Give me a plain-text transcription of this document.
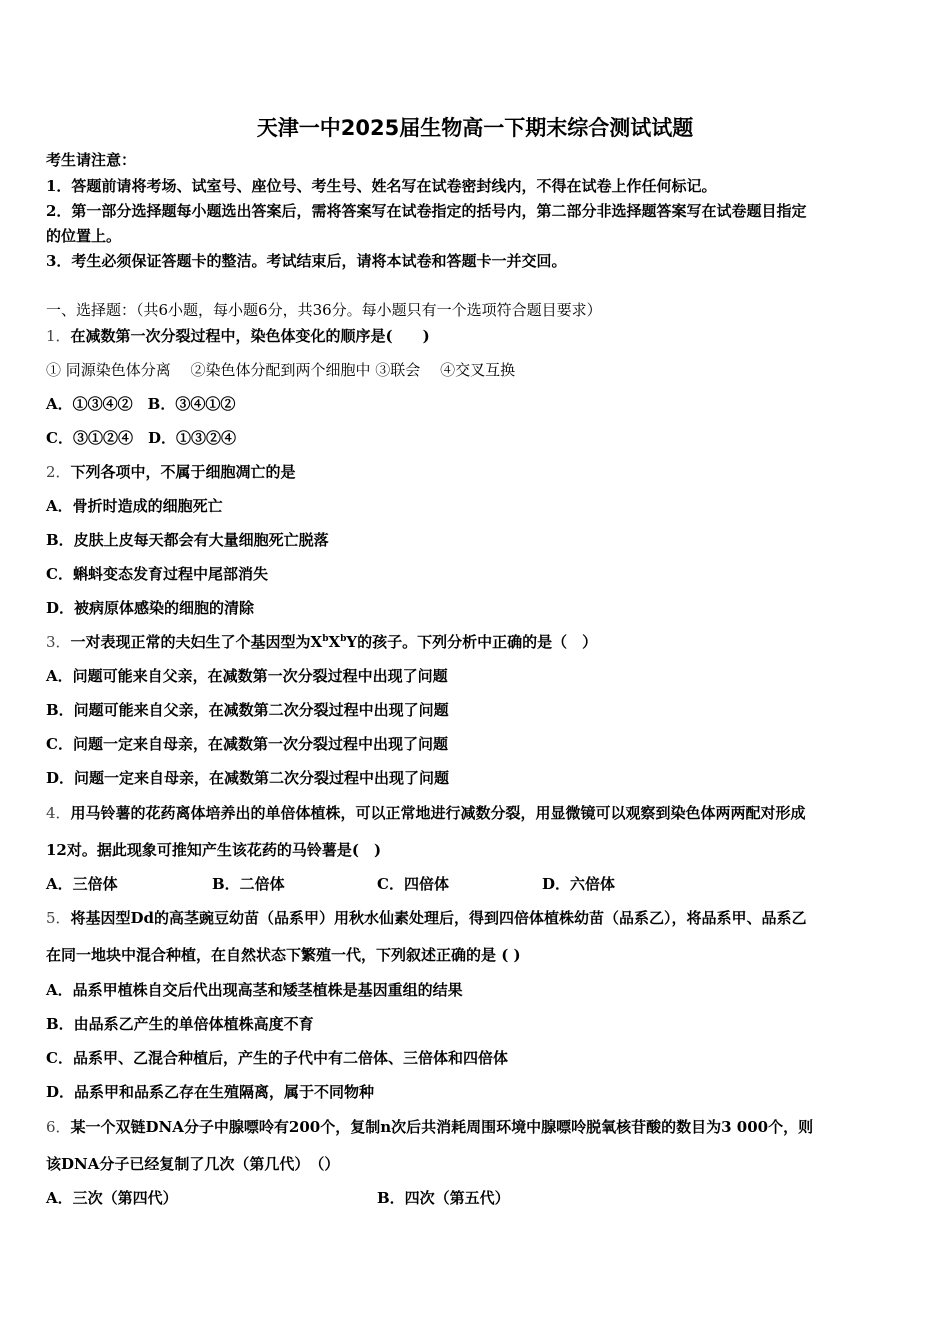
天津一中2025届生物高一下期末综合测试试题
考生请注意：
1．答题前请将考场、试室号、座位号、考生号、姓名写在试卷密封线内，不得在试卷上作任何标记。
2．第一部分选择题每小题选出答案后，需将答案写在试卷指定的括号内，第二部分非选择题答案写在试卷题目指定
的位置上。
3．考生必须保证答题卡的整洁。考试结束后，请将本试卷和答题卡一并交回。
一、选择题：（共6小题，每小题6分，共36分。每小题只有一个选项符合题目要求）
1．在减数第一次分裂过程中，染色体变化的顺序是(　　)
① 同源染色体分离　 ②染色体分配到两个细胞中 ③联会　 ④交叉互换
A．①③④②　B．③④①②
C．③①②④　D．①③②④
2．下列各项中，不属于细胞凋亡的是
A．骨折时造成的细胞死亡
B．皮肤上皮每天都会有大量细胞死亡脱落
C．蝌蚪变态发育过程中尾部消失
D．被病原体感染的细胞的清除
3．一对表现正常的夫妇生了个基因型为$X^bX^bY$的孩子。下列分析中正确的是（　）
A．问题可能来自父亲，在减数第一次分裂过程中出现了问题
B．问题可能来自父亲，在减数第二次分裂过程中出现了问题
C．问题一定来自母亲，在减数第一次分裂过程中出现了问题
D．问题一定来自母亲，在减数第二次分裂过程中出现了问题
4．用马铃薯的花药离体培养出的单倍体植株，可以正常地进行减数分裂，用显微镜可以观察到染色体两两配对形成
12对。据此现象可推知产生该花药的马铃薯是(　)
A．三倍体	B．二倍体	C．四倍体	D．六倍体
5．将基因型Dd的高茎豌豆幼苗（品系甲）用秋水仙素处理后，得到四倍体植株幼苗（品系乙），将品系甲、品系乙
在同一地块中混合种植，在自然状态下繁殖一代，下列叙述正确的是 ( )
A．品系甲植株自交后代出现高茎和矮茎植株是基因重组的结果
B．由品系乙产生的单倍体植株高度不育
C．品系甲、乙混合种植后，产生的子代中有二倍体、三倍体和四倍体
D．品系甲和品系乙存在生殖隔离，属于不同物种
6．某一个双链DNA分子中腺嘌呤有200个，复制n次后共消耗周围环境中腺嘌呤脱氧核苷酸的数目为3 000个，则
该DNA分子已经复制了几次（第几代）　（）
A．三次（第四代）	B．四次（第五代）
